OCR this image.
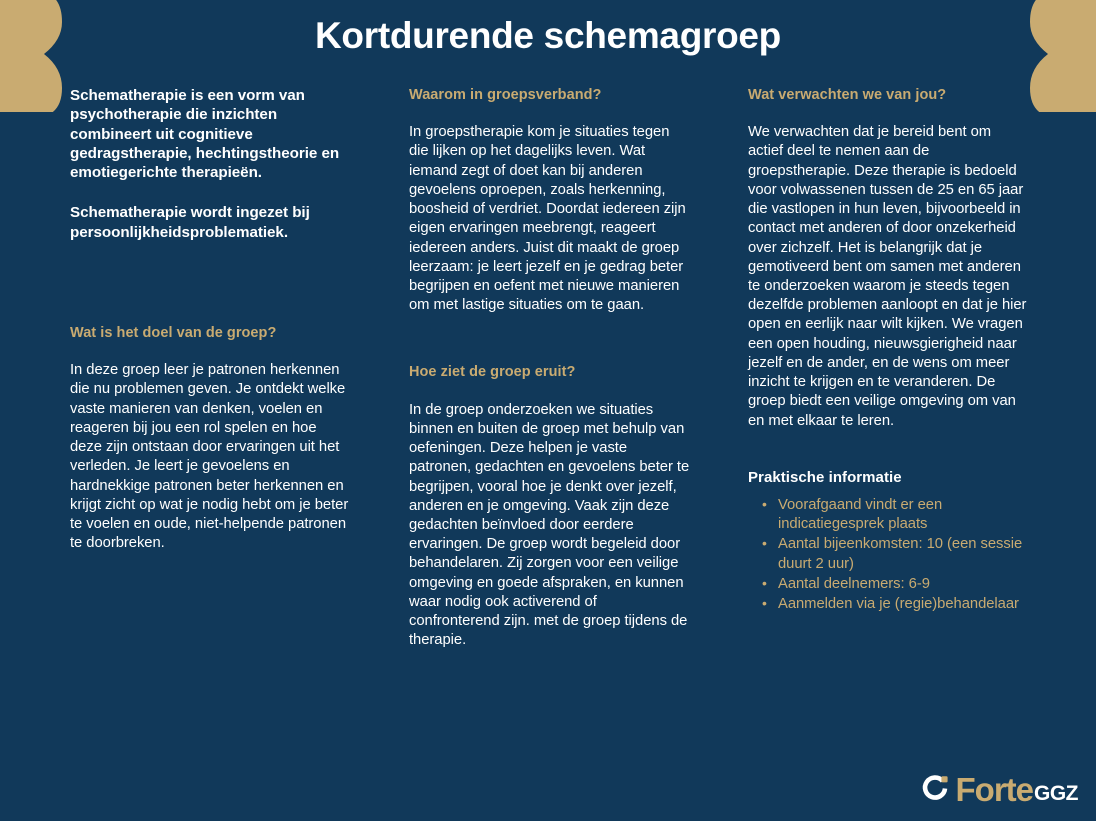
Kortdurende schemagroep

Schematherapie is een vorm van psychotherapie die inzichten combineert uit cognitieve gedragstherapie, hechtingstheorie en emotiegerichte therapieën.

Schematherapie wordt ingezet bij persoonlijkheidsproblematiek.

Wat is het doel van de groep?

In deze groep leer je patronen herkennen die nu problemen geven. Je ontdekt welke vaste manieren van denken, voelen en reageren bij jou een rol spelen en hoe deze zijn ontstaan door ervaringen uit het verleden. Je leert je gevoelens en hardnekkige patronen beter herkennen en krijgt zicht op wat je nodig hebt om je beter te voelen en oude, niet-helpende patronen te doorbreken.

Waarom in groepsverband?

In groepstherapie kom je situaties tegen die lijken op het dagelijks leven. Wat iemand zegt of doet kan bij anderen gevoelens oproepen, zoals herkenning, boosheid of verdriet. Doordat iedereen zijn eigen ervaringen meebrengt, reageert iedereen anders. Juist dit maakt de groep leerzaam: je leert jezelf en je gedrag beter begrijpen en oefent met nieuwe manieren om met lastige situaties om te gaan.

Hoe ziet de groep eruit?

In de groep onderzoeken we situaties binnen en buiten de groep met behulp van oefeningen. Deze helpen je vaste patronen, gedachten en gevoelens beter te begrijpen, vooral hoe je denkt over jezelf, anderen en je omgeving. Vaak zijn deze gedachten beïnvloed door eerdere ervaringen. De groep wordt begeleid door behandelaren. Zij zorgen voor een veilige omgeving en goede afspraken, en kunnen waar nodig ook activerend of confronterend zijn. met de groep tijdens de therapie.

Wat verwachten we van jou?

We verwachten dat je bereid bent om actief deel te nemen aan de groepstherapie. Deze therapie is bedoeld voor volwassenen tussen de 25 en 65 jaar die vastlopen in hun leven, bijvoorbeeld in contact met anderen of door onzekerheid over zichzelf. Het is belangrijk dat je gemotiveerd bent om samen met anderen te onderzoeken waarom je steeds tegen dezelfde problemen aanloopt en dat je hier open en eerlijk naar wilt kijken. We vragen een open houding, nieuwsgierigheid naar jezelf en de ander, en de wens om meer inzicht te krijgen en te veranderen. De groep biedt een veilige omgeving om van en met elkaar te leren.

Praktische informatie
• Voorafgaand vindt er een indicatiegesprek plaats
• Aantal bijeenkomsten: 10 (een sessie duurt 2 uur)
• Aantal deelnemers: 6-9
• Aanmelden via je (regie)behandelaar
Forte GGZ
